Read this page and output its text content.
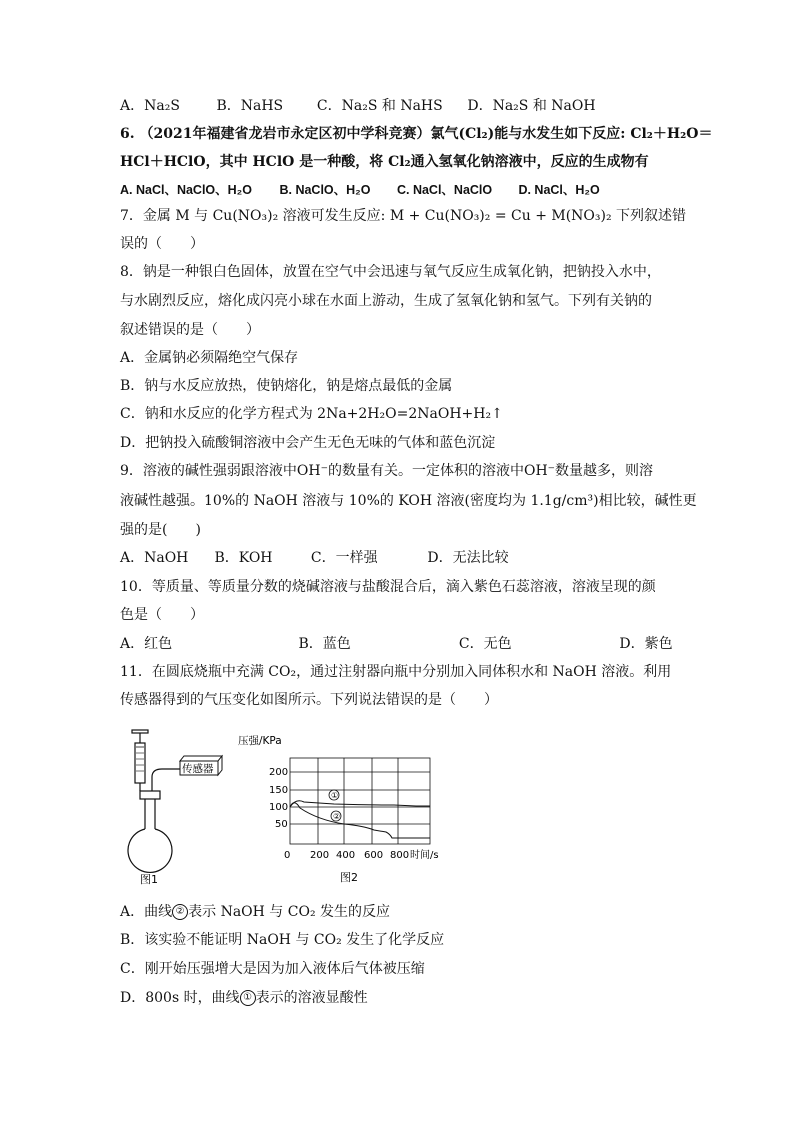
A．Na₂S	B．NaHS C．Na₂S 和 NaHS D．Na₂S 和 NaOH
6. （2021年福建省龙岩市永定区初中学科竞赛）氯气(Cl₂)能与水发生如下反应: Cl₂＋H₂O＝
HCl＋HClO，其中 HClO 是一种酸，将 Cl₂通入氢氧化钠溶液中，反应的生成物有
A. NaCl、NaClO、H₂O B. NaClO、H₂O C. NaCl、NaClO D. NaCl、H₂O
7．金属 M 与 Cu(NO₃)₂ 溶液可发生反应: M + Cu(NO₃)₂ = Cu + M(NO₃)₂ 下列叙述错
误的（　　）
8．钠是一种银白色固体，放置在空气中会迅速与氧气反应生成氧化钠，把钠投入水中，
与水剧烈反应，熔化成闪亮小球在水面上游动，生成了氢氧化钠和氢气。下列有关钠的
叙述错误的是（　　）
A．金属钠必须隔绝空气保存
B．钠与水反应放热，使钠熔化，钠是熔点最低的金属
C．钠和水反应的化学方程式为 2Na+2H₂O=2NaOH+H₂↑
D．把钠投入硫酸铜溶液中会产生无色无味的气体和蓝色沉淀
9．溶液的碱性强弱跟溶液中OH⁻的数量有关。一定体积的溶液中OH⁻数量越多，则溶
液碱性越强。10%的 NaOH 溶液与 10%的 KOH 溶液(密度均为 1.1g/cm³)相比较，碱性更
强的是(　　)
A．NaOH B．KOH	C．一样强	D．无法比较
10．等质量、等质量分数的烧碱溶液与盐酸混合后，滴入紫色石蕊溶液，溶液呈现的颜
色是（　　）
A．红色	B．蓝色	C．无色	D．紫色
11．在圆底烧瓶中充满 CO₂，通过注射器向瓶中分别加入同体积水和 NaOH 溶液。利用
传感器得到的气压变化如图所示。下列说法错误的是（　　）
传感器
图1
压强/KPa
200
150
100
50
0 200 400 600 800 时间/s
①
②
图2
A．曲线 ② 表示 NaOH 与 CO₂ 发生的反应
B．该实验不能证明 NaOH 与 CO₂ 发生了化学反应
C．刚开始压强增大是因为加入液体后气体被压缩
D．800s 时，曲线 ① 表示的溶液显酸性
